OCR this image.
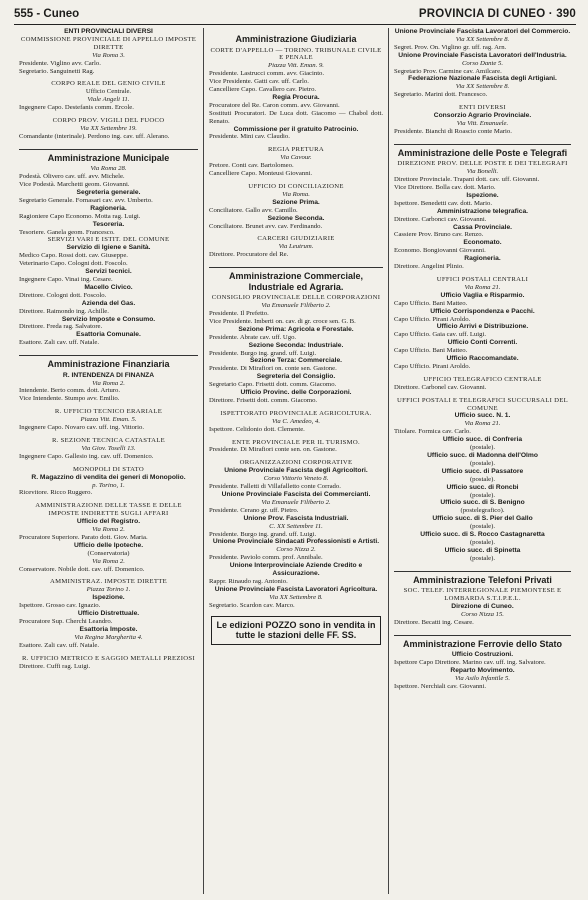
555 - Cuneo	PROVINCIA DI CUNEO · 390
ENTI PROVINCIALI DIVERSI
COMMISSIONE PROVINCIALE DI APPELLO IMPOSTE DIRETTE
Via Roma 3.
Presidente. Viglino avv. Carlo.
Segretario. Sanguinetti Rag.
CORPO REALE DEL GENIO CIVILE
Ufficio Centrale.
Viale Angeli 11.
Ingegnere Capo. Destefanis comm. Ercole.
CORPO PROV. VIGILI DEL FUOCO
Via XX Settembre 19.
Comandante (interinale). Perdono ing. cav. uff. Alerano.
Amministrazione Municipale
Via Roma 28.
Podestà. Olivero cav. uff. avv. Michele.
Vice Podestà. Marchetti geom. Giovanni.
Segreteria generale.
Segretario Generale. Fornasari cav. avv. Umberto.
Ragioneria.
Ragioniere Capo Economo. Motta rag. Luigi.
Tesoreria.
Tesoriere. Ganela geom. Francesco.
SERVIZI VARI E ISTIT. DEL COMUNE
Servizio di Igiene e Sanità.
Medico Capo. Rossi dott. cav. Giuseppe.
Veterinario Capo. Cologni dott. Foscolo.
Servizi tecnici.
Ingegnere Capo. Vinai ing. Cesare.
Macello Civico.
Direttore. Cologni dott. Foscolo.
Azienda del Gas.
Direttore. Raimondo ing. Achille.
Servizio Imposte e Consumo.
Direttore. Freda rag. Salvatore.
Esattoria Comunale.
Esattore. Zali cav. uff. Natale.
Amministrazione Finanziaria
R. INTENDENZA DI FINANZA
Via Roma 2.
Intendente. Berto comm. dott. Arturo.
Vice Intendente. Stumpo avv. Emilio.
R. UFFICIO TECNICO ERARIALE
Piazza Vitt. Eman. 5.
Ingegnere Capo. Novaro cav. uff. ing. Vittorio.
R. SEZIONE TECNICA CATASTALE
Via Giov. Toselli 13.
Ingegnere Capo. Gallesio ing. cav. uff. Domenico.
MONOPOLI DI STATO
R. Magazzino di vendita dei generi di Monopolio.
p. Torino, 1.
Ricevitore. Ricco Ruggero.
AMMINISTRAZIONE DELLE TASSE E DELLE IMPOSTE INDIRETTE SUGLI AFFARI
Ufficio del Registro.
Via Roma 2.
Procuratore Superiore. Parato dott. Giov. Maria.
Ufficio delle Ipoteche.
(Conservatoria)
Via Roma 2.
Conservatore. Nobile dott. cav. uff. Domenico.
AMMINISTRAZ. IMPOSTE DIRETTE
Piazza Torino 1.
Ispezione.
Ispettore. Grosso cav. Ignazio.
Ufficio Distrettuale.
Procuratore Sup. Cherchi Leandro.
Esattoria Imposte.
Via Regina Margherita 4.
Esattore. Zali cav. uff. Natale.
R. UFFICIO METRICO E SAGGIO METALLI PREZIOSI
Direttore. Cuffi rag. Luigi.
Amministrazione Giudiziaria
CORTE D'APPELLO — TORINO. TRIBUNALE CIVILE E PENALE
Piazza Vitt. Eman. 9.
Presidente. Lastrucci comm. avv. Giacinto.
Vice Presidente. Gatti cav. uff. Carlo.
Cancelliere Capo. Cavallero cav. Pietro.
Regia Procura.
Procuratore del Re. Caron comm. avv. Giovanni.
Sostituti Procuratori. De Luca dott. Giacomo — Chabol dott. Renato.
Commissione per il gratuito Patrocinio.
Presidente. Mini cav. Claudio.
REGIA PRETURA
Via Cavour.
Pretore. Conti cav. Bartolomeo.
Cancelliere Capo. Monteusi Giovanni.
UFFICIO DI CONCILIAZIONE
Via Roma.
Sezione Prima.
Conciliatore. Gallo avv. Camillo.
Sezione Seconda.
Conciliatore. Brunet avv. cav. Ferdinando.
CARCERI GIUDIZIARIE
Via Leutrum.
Direttore. Procuratore del Re.
Amministrazione Commerciale, Industriale ed Agraria.
CONSIGLIO PROVINCIALE DELLE CORPORAZIONI
Via Emanuele Filiberto 2.
Presidente. Il Prefetto.
Vice Presidente. Imberti on. cav. di gr. croce sen. G. B.
Sezione Prima: Agricola e Forestale.
Presidente. Abrate cav. uff. Ugo.
Sezione Seconda: Industriale.
Presidente. Burgo ing. grand. uff. Luigi.
Sezione Terza: Commerciale.
Presidente. Di Mirafiori on. conte sen. Gastone.
Segreteria del Consiglio.
Segretario Capo. Frisetti dott. comm. Giacomo.
Ufficio Provinc. delle Corporazioni.
Direttore. Frisetti dott. comm. Giacomo.
ISPETTORATO PROVINCIALE AGRICOLTURA.
Via C. Amedeo, 4.
Ispettore. Celidonio dott. Clemente.
ENTE PROVINCIALE PER IL TURISMO.
Presidente. Di Mirafiori conte sen. on. Gastone.
ORGANIZZAZIONI CORPORATIVE
Unione Provinciale Fascista degli Agricoltori.
Corso Vittorio Veneto 8.
Presidente. Falletti di Villafalletto conte Corrado.
Unione Provinciale Fascista dei Commercianti.
Via Emanuele Filiberto 2.
Presidente. Cerano gr. uff. Pietro.
Unione Prov. Fascista Industriali.
C. XX Settembre 11.
Presidente. Burgo ing. grand. uff. Luigi.
Unione Provinciale Sindacati Professionisti e Artisti.
Corso Nizza 2.
Presidente. Paviolo comm. prof. Annibale.
Unione Interprovinciale Aziende Credito e Assicurazione.
Rappr. Rinaudo rag. Antonio.
Unione Provinciale Fascista Lavoratori Agricoltura.
Via XX Settembre 8.
Segretario. Scardon cav. Marco.
Le edizioni POZZO sono in vendita in tutte le stazioni delle FF. SS.
Unione Provinciale Fascista Lavoratori del Commercio.
Via XX Settembre 8.
Segret. Prov. On. Viglino gr. uff. rag. Arn.
Unione Provinciale Fascista Lavoratori dell'Industria.
Corso Dante 5.
Segretario Prov. Carmine cav. Amilcare.
Federazione Nazionale Fascista degli Artigiani.
Via XX Settembre 8.
Segretario. Marini dott. Francesco.
ENTI DIVERSI
Consorzio Agrario Provinciale.
Via Vitt. Emanuele.
Presidente. Bianchi di Roascio conte Mario.
Amministrazione delle Poste e Telegrafi
DIREZIONE PROV. DELLE POSTE E DEI TELEGRAFI
Via Bonelli.
Direttore Provinciale. Trapani dott. cav. uff. Giovanni.
Vice Direttore. Bolla cav. dott. Mario.
Ispezione.
Ispettore. Benedetti cav. dott. Mario.
Amministrazione telegrafica.
Direttore. Carbonci cav. Giovanni.
Cassa Provinciale.
Cassiere Prov. Bruno cav. Renzo.
Economato.
Economo. Bongiovanni Giovanni.
Ragioneria.
Direttore. Angelini Plinio.
UFFICI POSTALI CENTRALI
Via Roma 21.
Ufficio Vaglia e Risparmio.
Capo Ufficio. Bani Matteo.
Ufficio Corrispondenza e Pacchi.
Capo Ufficio. Pirani Aroldo.
Ufficio Arrivi e Distribuzione.
Capo Ufficio. Gaia cav. uff. Luigi.
Ufficio Conti Correnti.
Capo Ufficio. Bani Matteo.
Ufficio Raccomandate.
Capo Ufficio. Pirani Aroldo.
UFFICIO TELEGRAFICO CENTRALE
Direttore. Carbonel cav. Giovanni.
UFFICI POSTALI E TELEGRAFICI SUCCURSALI DEL COMUNE
Ufficio succ. N. 1.
Via Roma 21.
Titolare. Formica cav. Carlo.
Ufficio succ. di Confreria
(postale).
Ufficio succ. di Madonna dell'Olmo
(postale).
Ufficio succ. di Passatore
(postale).
Ufficio succ. di Roncbi
(postale).
Ufficio succ. di S. Benigno
(postelegrafico).
Ufficio succ. di S. Pier del Gallo
(postale).
Ufficio succ. di S. Rocco Castagnaretta
(postale).
Ufficio succ. di Spinetta
(postale).
Amministrazione Telefoni Privati
SOC. TELEF. INTERREGIONALE PIEMONTESE E LOMBARDA S.T.I.P.E.L.
Direzione di Cuneo.
Corso Nizza 15.
Direttore. Becatti ing. Cesare.
Amministrazione Ferrovie dello Stato
Ufficio Costruzioni.
Ispettore Capo Direttore. Marino cav. uff. ing. Salvatore.
Reparto Movimento.
Via Asilo Infantile 5.
Ispettore. Nerchiali cav. Giovanni.
